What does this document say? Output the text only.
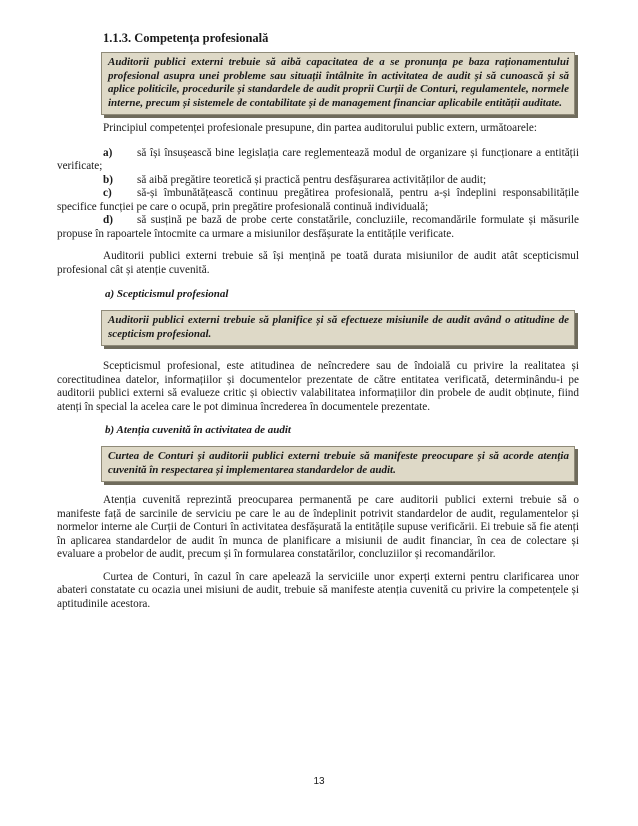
1.1.3. Competența profesională
Auditorii publici externi trebuie să aibă capacitatea de a se pronunța pe baza raționamentului profesional asupra unei probleme sau situații întâlnite în activitatea de audit și să cunoască și să aplice politicile, procedurile și standardele de audit proprii Curții de Conturi, regulamentele, normele interne, precum și sistemele de contabilitate și de management financiar aplicabile entității auditate.

Principiul competenței profesionale presupune, din partea auditorului public extern, următoarele:

a) să își însușească bine legislația care reglementează modul de organizare și funcționare a entității verificate;

b) să aibă pregătire teoretică și practică pentru desfășurarea activităților de audit;

c) să-și îmbunătățească continuu pregătirea profesională, pentru a-și îndeplini responsabilitățile specifice funcției pe care o ocupă, prin pregătire profesională continuă individuală;

d) să susțină pe bază de probe certe constatările, concluziile, recomandările formulate și măsurile propuse în rapoartele întocmite ca urmare a misiunilor desfășurate la entitățile verificate.

Auditorii publici externi trebuie să își mențină pe toată durata misiunilor de audit atât scepticismul profesional cât și atenție cuvenită.

a) Scepticismul profesional
Auditorii publici externi trebuie să planifice și să efectueze misiunile de audit având o atitudine de scepticism profesional.

Scepticismul profesional, este atitudinea de neîncredere sau de îndoială cu privire la realitatea și corectitudinea datelor, informațiilor și documentelor prezentate de către entitatea verificată, determinându-i pe auditorii publici externi să evalueze critic și obiectiv valabilitatea informațiilor din probele de audit obținute, fiind atenți în special la acelea care le pot diminua încrederea în documentele prezentate.

b) Atenția cuvenită în activitatea de audit
Curtea de Conturi și auditorii publici externi trebuie să manifeste preocupare și să acorde atenția cuvenită în respectarea și implementarea standardelor de audit.

Atenția cuvenită reprezintă preocuparea permanentă pe care auditorii publici externi trebuie să o manifeste față de sarcinile de serviciu pe care le au de îndeplinit potrivit standardelor de audit, regulamentelor și normelor interne ale Curții de Conturi în activitatea desfășurată la entitățile supuse verificării. Ei trebuie să fie atenți în aplicarea standardelor de audit în munca de planificare a misiunii de audit financiar, în cea de colectare și evaluare a probelor de audit, precum și în formularea constatărilor, concluziilor și recomandărilor.

Curtea de Conturi, în cazul în care apelează la serviciile unor experți externi pentru clarificarea unor abateri constatate cu ocazia unei misiuni de audit, trebuie să manifeste atenția cuvenită cu privire la competențele și aptitudinile acestora.

13
